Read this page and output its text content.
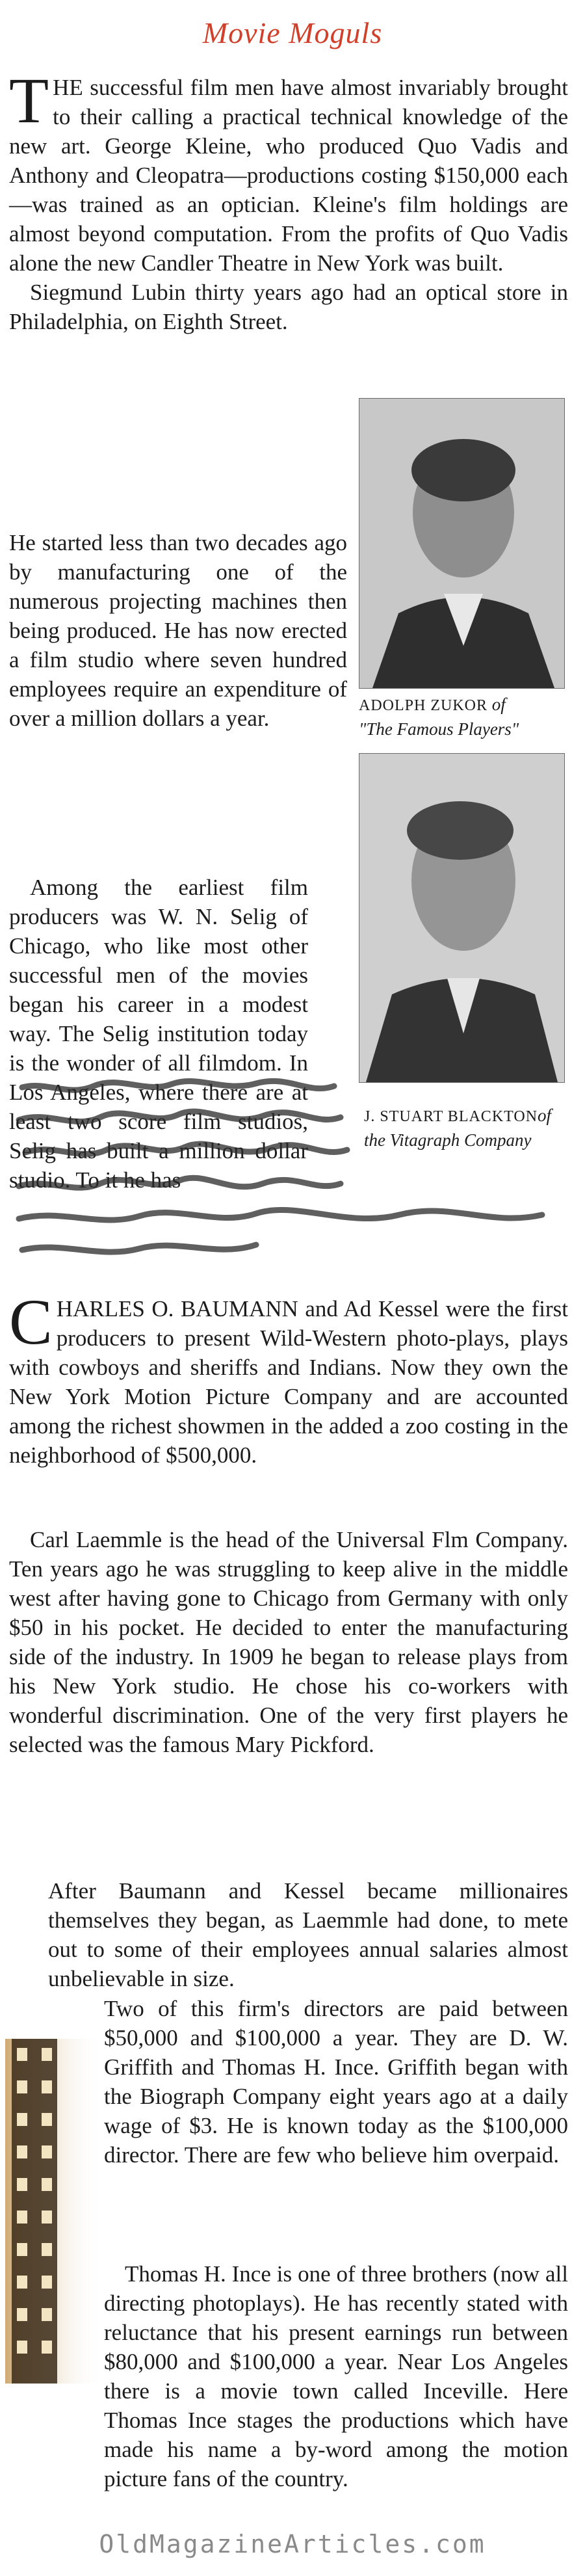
Movie Moguls

THE successful film men have almost invariably brought to their calling a practical technical knowledge of the new art. George Kleine, who produced Quo Vadis and Anthony and Cleopatra—productions costing $150,000 each—was trained as an optician. Kleine's film holdings are almost beyond computation. From the profits of Quo Vadis alone the new Candler Theatre in New York was built.

Siegmund Lubin thirty years ago had an optical store in Philadelphia, on Eighth Street.

He started less than two decades ago by manufacturing one of the numerous projecting machines then being produced. He has now erected a film studio where seven hundred employees require an expenditure of over a million dollars a year.

Among the earliest film producers was W. N. Selig of Chicago, who like most other successful men of the movies began his career in a modest way. The Selig institution today is the wonder of all filmdom. In Los Angeles, where there are at least two score film studios, Selig has built a million dollar studio. To it he has

ADOLPH ZUKOR of
"The Famous Players"
J. STUART BLACKTONof
the Vitagraph Company

CHARLES O. BAUMANN and Ad Kessel were the first producers to present Wild-Western photo-plays, plays with cowboys and sheriffs and Indians. Now they own the New York Motion Picture Company and are accounted among the richest showmen in the added a zoo costing in the neighborhood of $500,000.

Carl Laemmle is the head of the Universal Flm Company. Ten years ago he was struggling to keep alive in the middle west after having gone to Chicago from Germany with only $50 in his pocket. He decided to enter the manufacturing side of the industry. In 1909 he began to release plays from his New York studio. He chose his co-workers with wonderful discrimination. One of the very first players he selected was the famous Mary Pickford.

After Baumann and Kessel became millionaires themselves they began, as Laemmle had done, to mete out to some of their employees annual salaries almost unbelievable in size.

Two of this firm's directors are paid between $50,000 and $100,000 a year. They are D. W. Griffith and Thomas H. Ince. Griffith began with the Biograph Company eight years ago at a daily wage of $3. He is known today as the $100,000 director. There are few who believe him overpaid.

Thomas H. Ince is one of three brothers (now all directing photoplays). He has recently stated with reluctance that his present earnings run between $80,000 and $100,000 a year. Near Los Angeles there is a movie town called Inceville. Here Thomas Ince stages the productions which have made his name a by-word among the motion picture fans of the country.

OldMagazineArticles.com
